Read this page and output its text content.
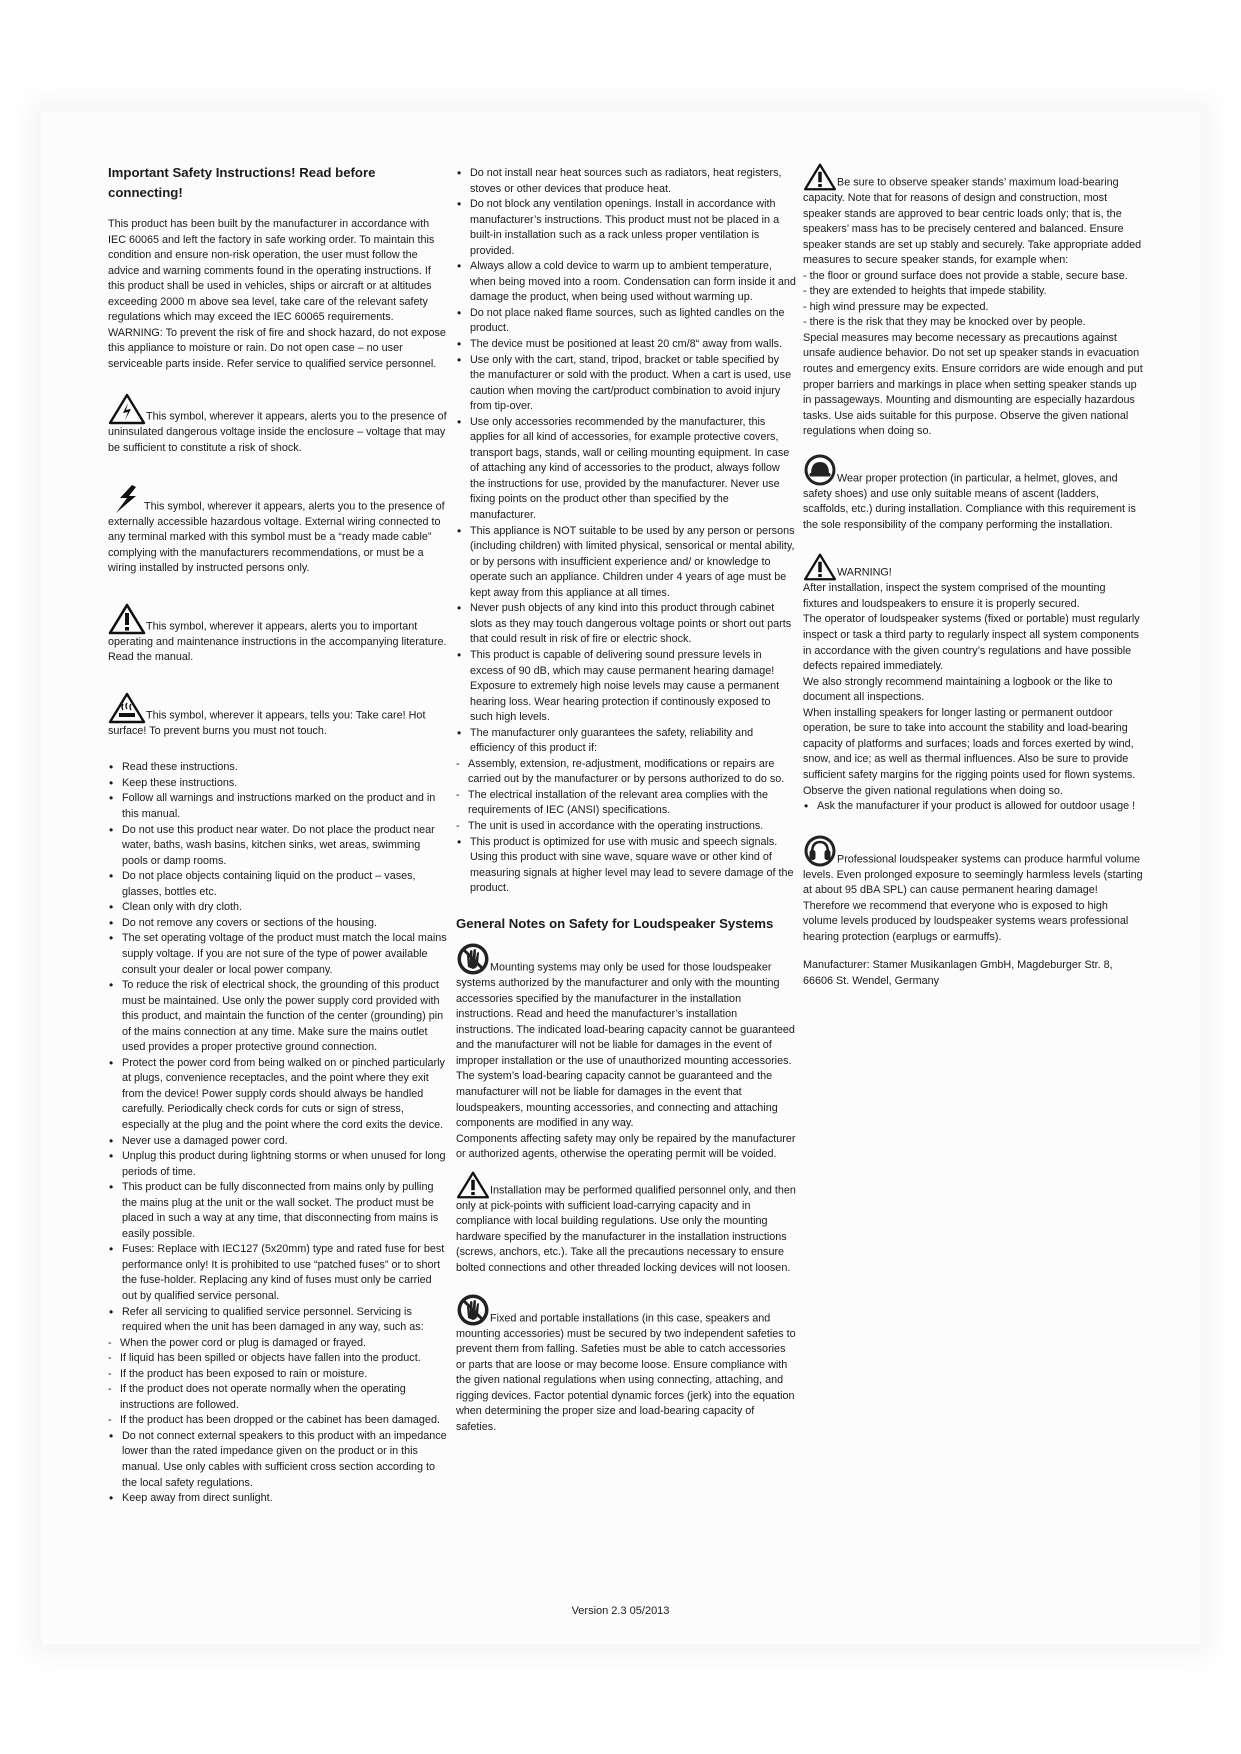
Important Safety Instructions! Read before connecting!

This product has been built by the manufacturer in accordance with IEC 60065 and left the factory in safe working order. To maintain this condition and ensure non-risk operation, the user must follow the advice and warning comments found in the operating instructions. If this product shall be used in vehicles, ships or aircraft or at altitudes exceeding 2000 m above sea level, take care of the relevant safety regulations which may exceed the IEC 60065 requirements.

WARNING: To prevent the risk of fire and shock hazard, do not expose this appliance to moisture or rain. Do not open case – no user serviceable parts inside. Refer service to qualified service personnel.

This symbol, wherever it appears, alerts you to the presence of uninsulated dangerous voltage inside the enclosure – voltage that may be sufficient to constitute a risk of shock.

This symbol, wherever it appears, alerts you to the presence of externally accessible hazardous voltage. External wiring connected to any terminal marked with this symbol must be a “ready made cable” complying with the manufacturers recommendations, or must be a wiring installed by instructed persons only.

This symbol, wherever it appears, alerts you to important operating and maintenance instructions in the accompanying literature. Read the manual.

This symbol, wherever it appears, tells you: Take care! Hot surface! To prevent burns you must not touch.

• Read these instructions.
• Keep these instructions.
• Follow all warnings and instructions marked on the product and in this manual.
• Do not use this product near water. Do not place the product near water, baths, wash basins, kitchen sinks, wet areas, swimming pools or damp rooms.
• Do not place objects containing liquid on the product – vases, glasses, bottles etc.
• Clean only with dry cloth.
• Do not remove any covers or sections of the housing.
• The set operating voltage of the product must match the local mains supply voltage. If you are not sure of the type of power available consult your dealer or local power company.
• To reduce the risk of electrical shock, the grounding of this product must be maintained. Use only the power supply cord provided with this product, and maintain the function of the center (grounding) pin of the mains connection at any time. Make sure the mains outlet used provides a proper protective ground connection.
• Protect the power cord from being walked on or pinched particularly at plugs, convenience receptacles, and the point where they exit from the device! Power supply cords should always be handled carefully. Periodically check cords for cuts or sign of stress, especially at the plug and the point where the cord exits the device.
• Never use a damaged power cord.
• Unplug this product during lightning storms or when unused for long periods of time.
• This product can be fully disconnected from mains only by pulling the mains plug at the unit or the wall socket. The product must be placed in such a way at any time, that disconnecting from mains is easily possible.
• Fuses: Replace with IEC127 (5x20mm) type and rated fuse for best performance only! It is prohibited to use “patched fuses” or to short the fuse-holder. Replacing any kind of fuses must only be carried out by qualified service personal.
• Refer all servicing to qualified service personnel. Servicing is required when the unit has been damaged in any way, such as:
- When the power cord or plug is damaged or frayed.
- If liquid has been spilled or objects have fallen into the product.
- If the product has been exposed to rain or moisture.
- If the product does not operate normally when the operating instructions are followed.
- If the product has been dropped or the cabinet has been damaged.
• Do not connect external speakers to this product with an impedance lower than the rated impedance given on the product or in this manual. Use only cables with sufficient cross section according to the local safety regulations.
• Keep away from direct sunlight.
• Do not install near heat sources such as radiators, heat registers, stoves or other devices that produce heat.
• Do not block any ventilation openings. Install in accordance with manufacturer’s instructions. This product must not be placed in a built-in installation such as a rack unless proper ventilation is provided.
• Always allow a cold device to warm up to ambient temperature, when being moved into a room. Condensation can form inside it and damage the product, when being used without warming up.
• Do not place naked flame sources, such as lighted candles on the product.
• The device must be positioned at least 20 cm/8“ away from walls.
• Use only with the cart, stand, tripod, bracket or table specified by the manufacturer or sold with the product. When a cart is used, use caution when moving the cart/product combination to avoid injury from tip-over.
• Use only accessories recommended by the manufacturer, this applies for all kind of accessories, for example protective covers, transport bags, stands, wall or ceiling mounting equipment. In case of attaching any kind of accessories to the product, always follow the instructions for use, provided by the manufacturer. Never use fixing points on the product other than specified by the manufacturer.
• This appliance is NOT suitable to be used by any person or persons (including children) with limited physical, sensorical or mental ability, or by persons with insufficient experience and/ or knowledge to operate such an appliance. Children under 4 years of age must be kept away from this appliance at all times.
• Never push objects of any kind into this product through cabinet slots as they may touch dangerous voltage points or short out parts that could result in risk of fire or electric shock.
• This product is capable of delivering sound pressure levels in excess of 90 dB, which may cause permanent hearing damage! Exposure to extremely high noise levels may cause a permanent hearing loss. Wear hearing protection if continously exposed to such high levels.
• The manufacturer only guarantees the safety, reliability and efficiency of this product if:
- Assembly, extension, re-adjustment, modifications or repairs are carried out by the manufacturer or by persons authorized to do so.
- The electrical installation of the relevant area complies with the requirements of IEC (ANSI) specifications.
- The unit is used in accordance with the operating instructions.
• This product is optimized for use with music and speech signals. Using this product with sine wave, square wave or other kind of measuring signals at higher level may lead to severe damage of the product.
General Notes on Safety for Loudspeaker Systems

Mounting systems may only be used for those loudspeaker systems authorized by the manufacturer and only with the mounting accessories specified by the manufacturer in the installation instructions. Read and heed the manufacturer’s installation instructions. The indicated load-bearing capacity cannot be guaranteed and the manufacturer will not be liable for damages in the event of improper installation or the use of unauthorized mounting accessories.

The system’s load-bearing capacity cannot be guaranteed and the manufacturer will not be liable for damages in the event that loudspeakers, mounting accessories, and connecting and attaching components are modified in any way.

Components affecting safety may only be repaired by the manufacturer or authorized agents, otherwise the operating permit will be voided.

Installation may be performed qualified personnel only, and then only at pick-points with sufficient load-carrying capacity and in compliance with local building regulations. Use only the mounting hardware specified by the manufacturer in the installation instructions (screws, anchors, etc.). Take all the precautions necessary to ensure bolted connections and other threaded locking devices will not loosen.

Fixed and portable installations (in this case, speakers and mounting accessories) must be secured by two independent safeties to prevent them from falling. Safeties must be able to catch accessories or parts that are loose or may become loose. Ensure compliance with the given national regulations when using connecting, attaching, and rigging devices. Factor potential dynamic forces (jerk) into the equation when determining the proper size and load-bearing capacity of safeties.

Be sure to observe speaker stands’ maximum load-bearing capacity. Note that for reasons of design and construction, most speaker stands are approved to bear centric loads only; that is, the speakers’ mass has to be precisely centered and balanced. Ensure speaker stands are set up stably and securely. Take appropriate added measures to secure speaker stands, for example when:

- the floor or ground surface does not provide a stable, secure base.

- they are extended to heights that impede stability.

- high wind pressure may be expected.

- there is the risk that they may be knocked over by people.

Special measures may become necessary as precautions against unsafe audience behavior. Do not set up speaker stands in evacuation routes and emergency exits. Ensure corridors are wide enough and put proper barriers and markings in place when setting speaker stands up in passageways. Mounting and dismounting are especially hazardous tasks. Use aids suitable for this purpose. Observe the given national regulations when doing so.

Wear proper protection (in particular, a helmet, gloves, and safety shoes) and use only suitable means of ascent (ladders, scaffolds, etc.) during installation. Compliance with this requirement is the sole responsibility of the company performing the installation.

WARNING!

After installation, inspect the system comprised of the mounting fixtures and loudspeakers to ensure it is properly secured.

The operator of loudspeaker systems (fixed or portable) must regularly inspect or task a third party to regularly inspect all system components in accordance with the given country’s regulations and have possible defects repaired immediately.

We also strongly recommend maintaining a logbook or the like to document all inspections.

When installing speakers for longer lasting or permanent outdoor operation, be sure to take into account the stability and load-bearing capacity of platforms and surfaces; loads and forces exerted by wind, snow, and ice; as well as thermal influences. Also be sure to provide sufficient safety margins for the rigging points used for flown systems. Observe the given national regulations when doing so.

• Ask the manufacturer if your product is allowed for outdoor usage !

Professional loudspeaker systems can produce harmful volume levels. Even prolonged exposure to seemingly harmless levels (starting at about 95 dBA SPL) can cause permanent hearing damage! Therefore we recommend that everyone who is exposed to high volume levels produced by loudspeaker systems wears professional hearing protection (earplugs or earmuffs).

Manufacturer: Stamer Musikanlagen GmbH, Magdeburger Str. 8, 66606 St. Wendel, Germany

Version 2.3 05/2013
